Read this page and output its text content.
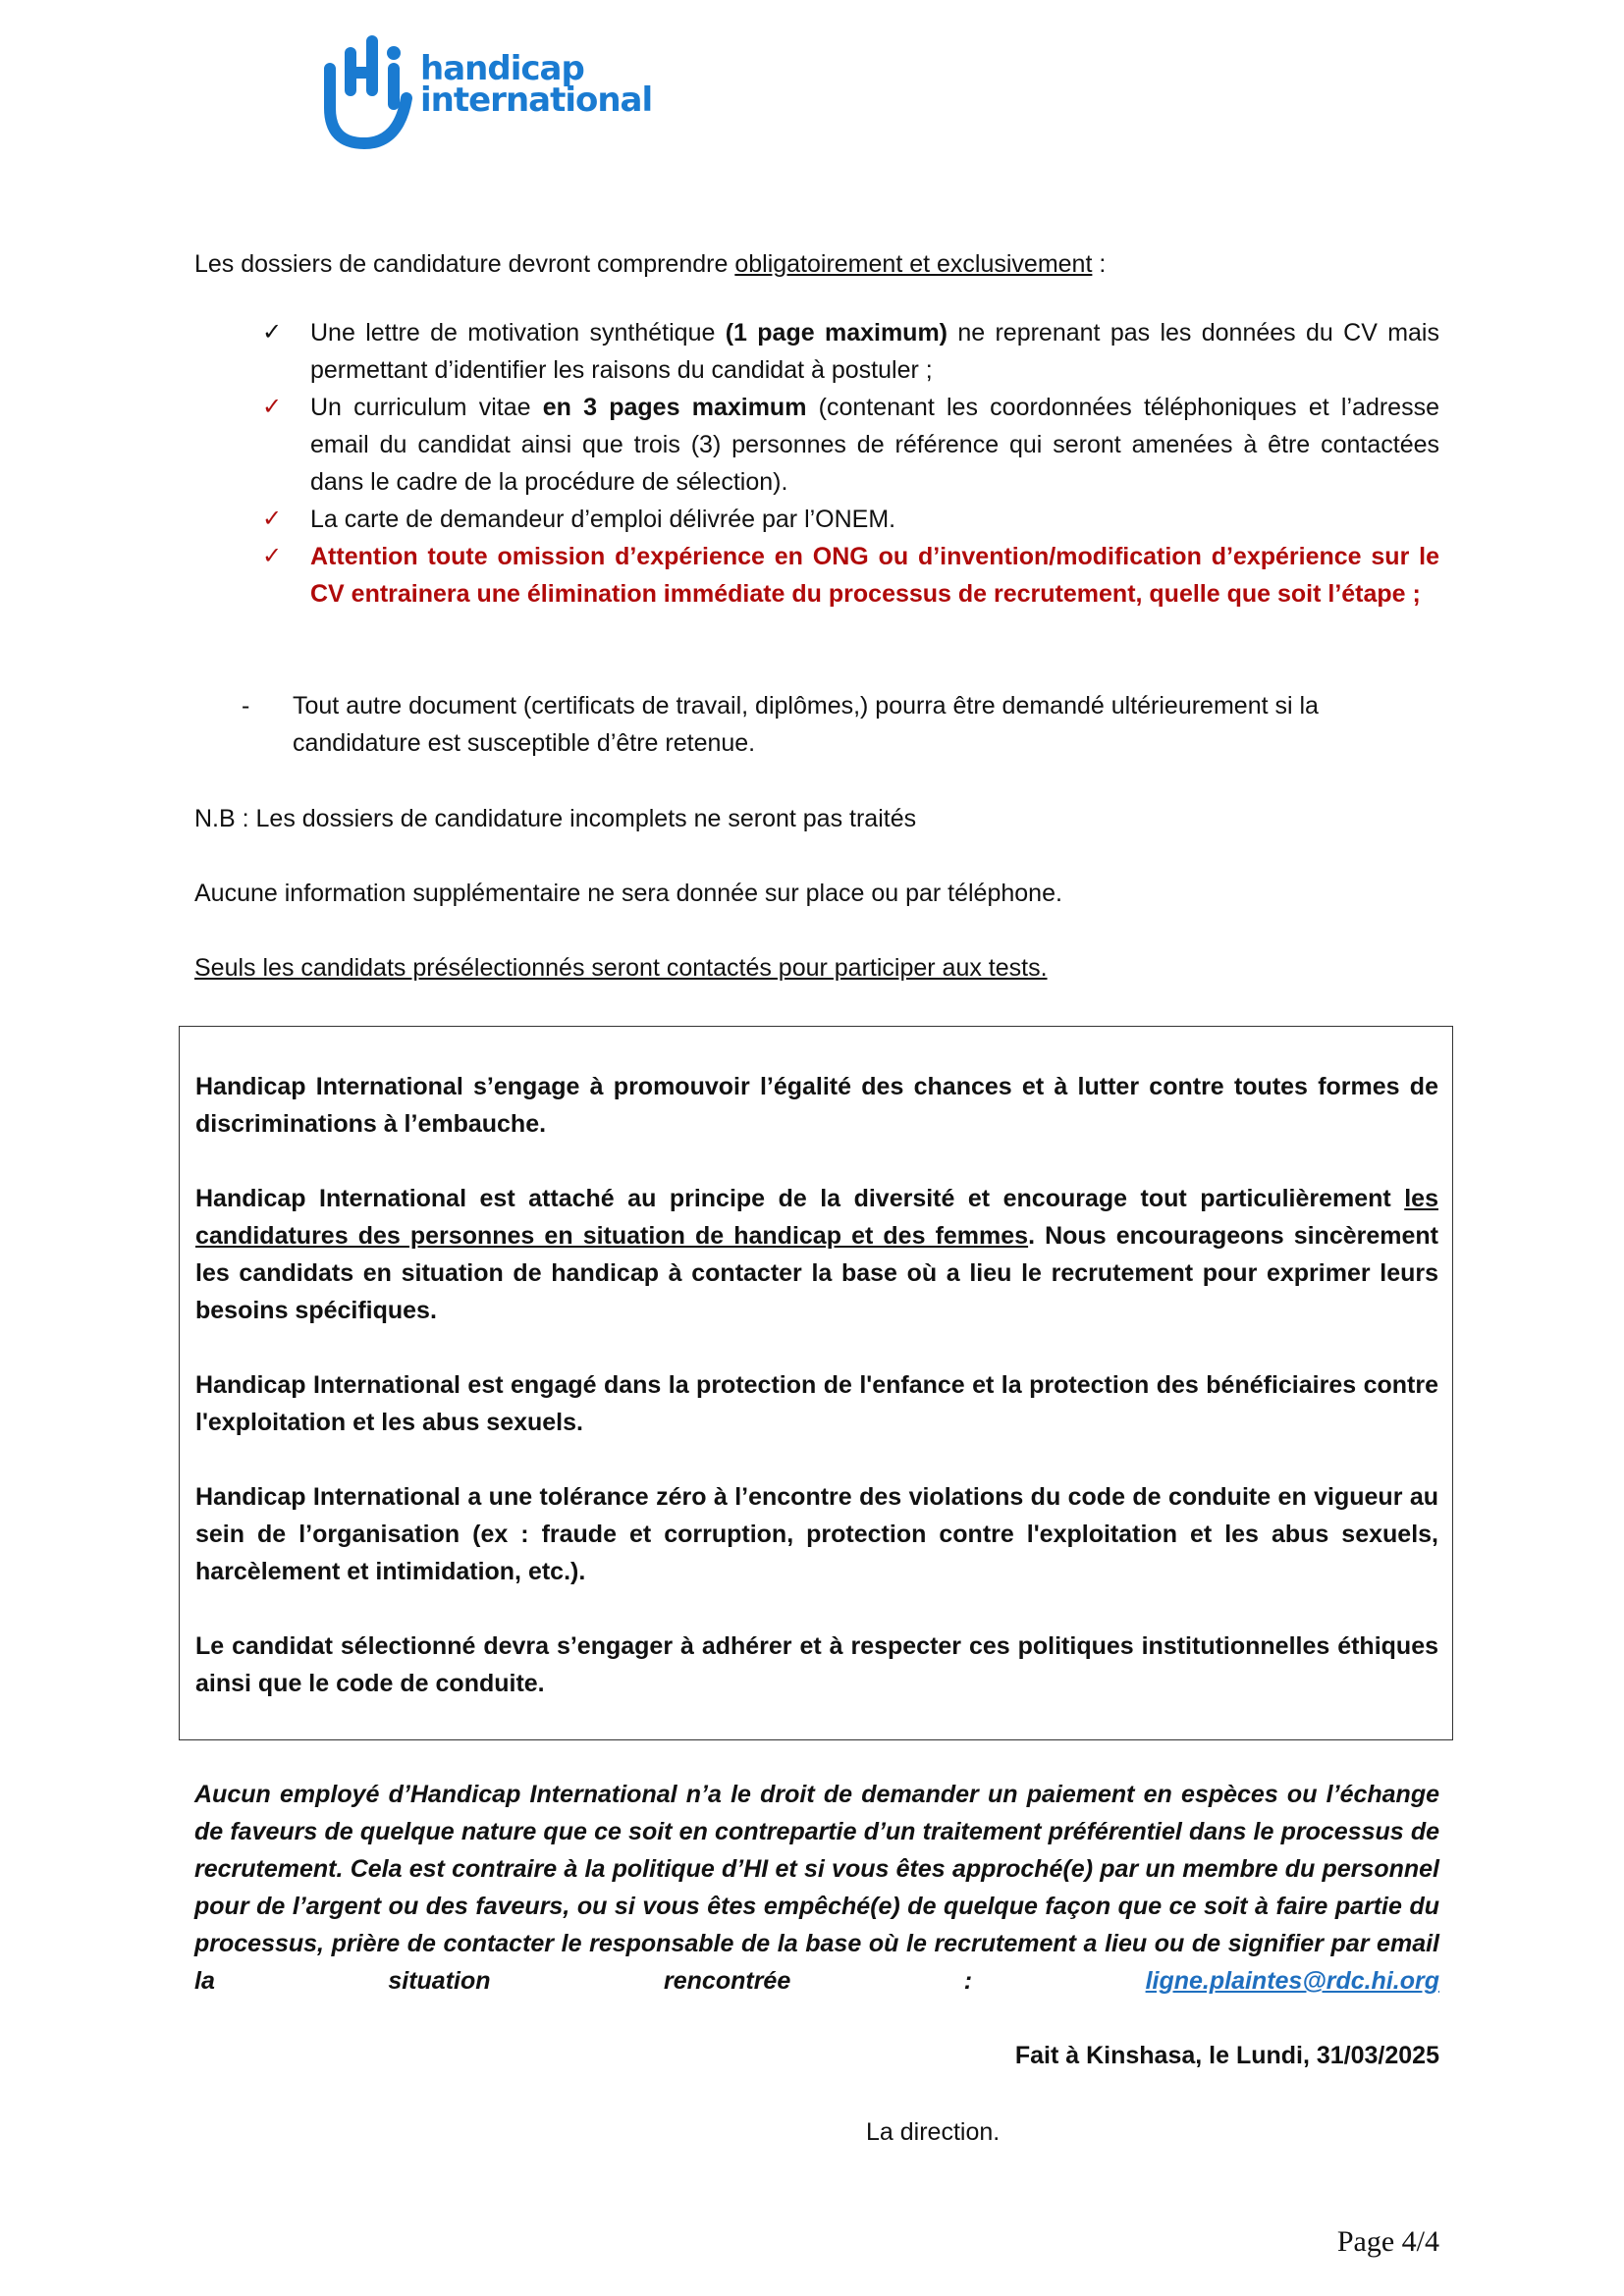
handicap
international

Les dossiers de candidature devront comprendre obligatoirement et exclusivement :

✓ Une lettre de motivation synthétique (1 page maximum) ne reprenant pas les données du CV mais permettant d’identifier les raisons du candidat à postuler ;
✓ Un curriculum vitae en 3 pages maximum (contenant les coordonnées téléphoniques et l’adresse email du candidat ainsi que trois (3) personnes de référence qui seront amenées à être contactées dans le cadre de la procédure de sélection).
✓ La carte de demandeur d’emploi délivrée par l’ONEM.
✓ Attention toute omission d’expérience en ONG ou d’invention/modification d’expérience sur le CV entrainera une élimination immédiate du processus de recrutement, quelle que soit l’étape ;
- Tout autre document (certificats de travail, diplômes,) pourra être demandé ultérieurement si la candidature est susceptible d’être retenue.

N.B : Les dossiers de candidature incomplets ne seront pas traités

Aucune information supplémentaire ne sera donnée sur place ou par téléphone.

Seuls les candidats présélectionnés seront contactés pour participer aux tests.

Handicap International s’engage à promouvoir l’égalité des chances et à lutter contre toutes formes de discriminations à l’embauche.

Handicap International est attaché au principe de la diversité et encourage tout particulièrement les candidatures des personnes en situation de handicap et des femmes. Nous encourageons sincèrement les candidats en situation de handicap à contacter la base où a lieu le recrutement pour exprimer leurs besoins spécifiques.

Handicap International est engagé dans la protection de l'enfance et la protection des bénéficiaires contre l'exploitation et les abus sexuels.

Handicap International a une tolérance zéro à l’encontre des violations du code de conduite en vigueur au sein de l’organisation (ex : fraude et corruption, protection contre l'exploitation et les abus sexuels, harcèlement et intimidation, etc.).

Le candidat sélectionné devra s’engager à adhérer et à respecter ces politiques institutionnelles éthiques ainsi que le code de conduite.

Aucun employé d’Handicap International n’a le droit de demander un paiement en espèces ou l’échange de faveurs de quelque nature que ce soit en contrepartie d’un traitement préférentiel dans le processus de recrutement. Cela est contraire à la politique d’HI et si vous êtes approché(e) par un membre du personnel pour de l’argent ou des faveurs, ou si vous êtes empêché(e) de quelque façon que ce soit à faire partie du processus, prière de contacter le responsable de la base où le recrutement a lieu ou de signifier par email la situation rencontrée : ligne.plaintes@rdc.hi.org

Fait à Kinshasa, le Lundi, 31/03/2025
La direction.
Page 4/4
